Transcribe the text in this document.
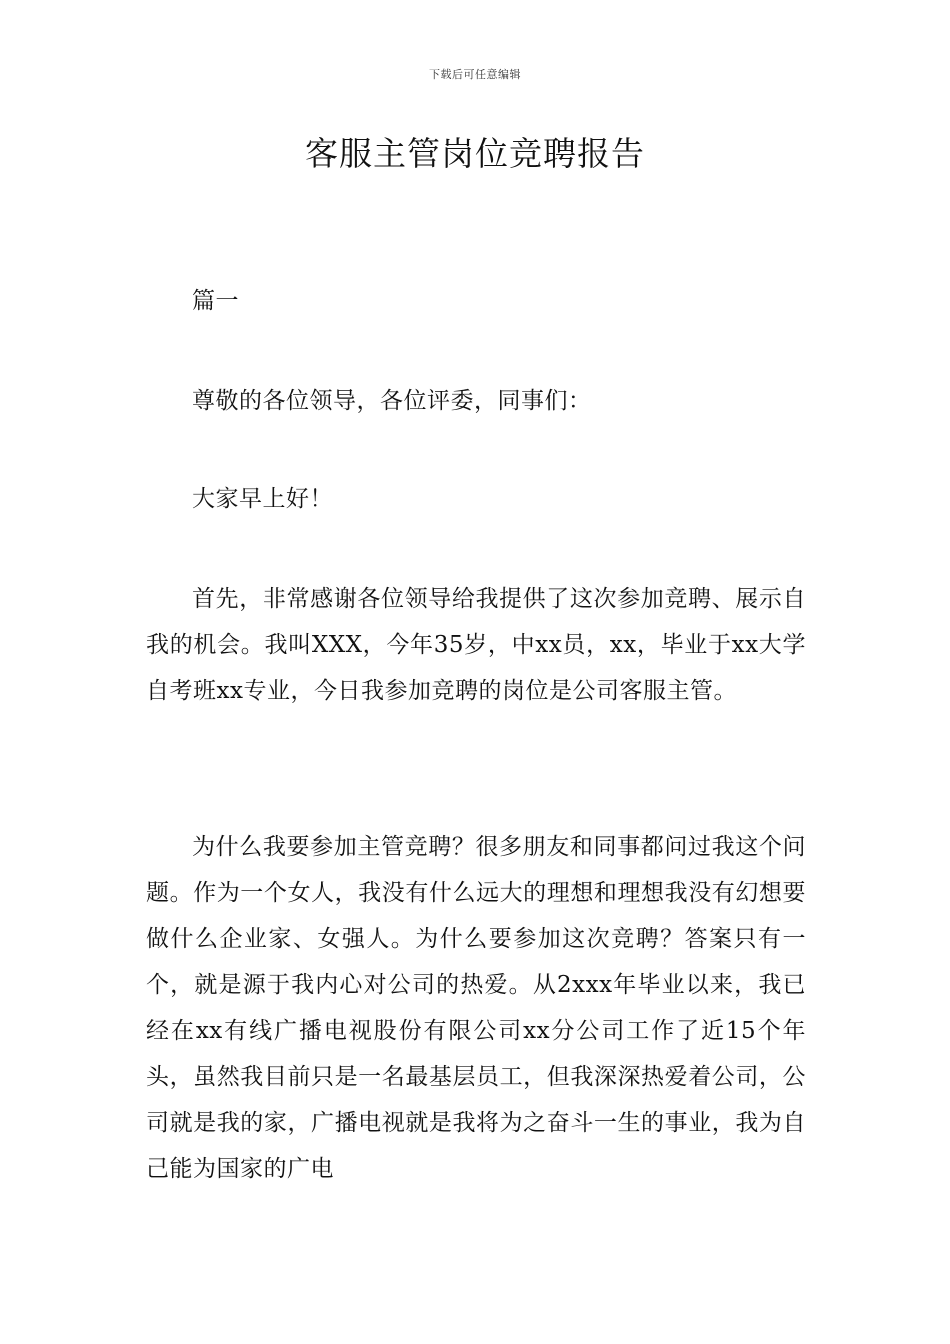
下载后可任意编辑
客服主管岗位竞聘报告

篇一

尊敬的各位领导，各位评委，同事们：

大家早上好！

首先，非常感谢各位领导给我提供了这次参加竞聘、展示自我的机会。我叫XXX，今年35岁，中xx员，xx，毕业于xx大学自考班xx专业，今日我参加竞聘的岗位是公司客服主管。

为什么我要参加主管竞聘？很多朋友和同事都问过我这个问题。作为一个女人，我没有什么远大的理想和理想我没有幻想要做什么企业家、女强人。为什么要参加这次竞聘？答案只有一个，就是源于我内心对公司的热爱。从2xxx年毕业以来，我已经在xx有线广播电视股份有限公司xx分公司工作了近15个年头，虽然我目前只是一名最基层员工，但我深深热爱着公司，公司就是我的家，广播电视就是我将为之奋斗一生的事业，我为自己能为国家的广电
